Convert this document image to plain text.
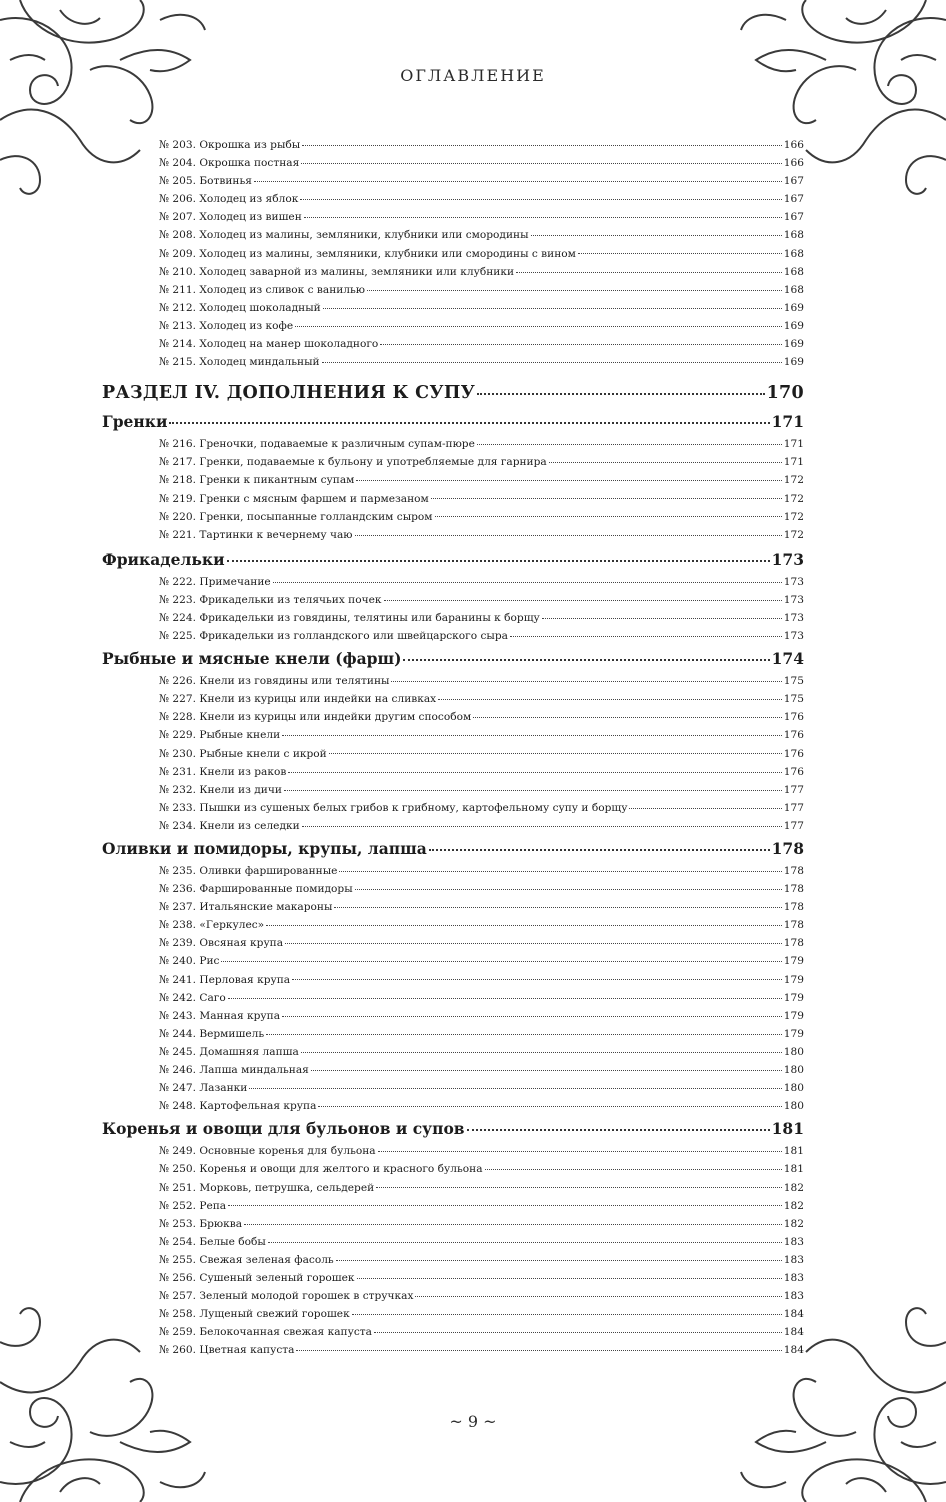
ОГЛАВЛЕНИЕ
№ 203. Окрошка из рыбы	166
№ 204. Окрошка постная	166
№ 205. Ботвинья	167
№ 206. Холодец из яблок	167
№ 207. Холодец из вишен	167
№ 208. Холодец из малины, земляники, клубники или смородины	168
№ 209. Холодец из малины, земляники, клубники или смородины с вином	168
№ 210. Холодец заварной из малины, земляники или клубники	168
№ 211. Холодец из сливок с ванилью	168
№ 212. Холодец шоколадный	169
№ 213. Холодец из кофе	169
№ 214. Холодец на манер шоколадного	169
№ 215. Холодец миндальный	169
РАЗДЕЛ IV. ДОПОЛНЕНИЯ К СУПУ	170
Гренки	171
№ 216. Греночки, подаваемые к различным супам-пюре	171
№ 217. Гренки, подаваемые к бульону и употребляемые для гарнира	171
№ 218. Гренки к пикантным супам	172
№ 219. Гренки с мясным фаршем и пармезаном	172
№ 220. Гренки, посыпанные голландским сыром	172
№ 221. Тартинки к вечернему чаю	172
Фрикадельки	173
№ 222. Примечание	173
№ 223. Фрикадельки из телячьих почек	173
№ 224. Фрикадельки из говядины, телятины или баранины к борщу	173
№ 225. Фрикадельки из голландского или швейцарского сыра	173
Рыбные и мясные кнели (фарш)	174
№ 226. Кнели из говядины или телятины	175
№ 227. Кнели из курицы или индейки на сливках	175
№ 228. Кнели из курицы или индейки другим способом	176
№ 229. Рыбные кнели	176
№ 230. Рыбные кнели с икрой	176
№ 231. Кнели из раков	176
№ 232. Кнели из дичи	177
№ 233. Пышки из сушеных белых грибов к грибному, картофельному супу и борщу	177
№ 234. Кнели из селедки	177
Оливки и помидоры, крупы, лапша	178
№ 235. Оливки фаршированные	178
№ 236. Фаршированные помидоры	178
№ 237. Итальянские макароны	178
№ 238. «Геркулес»	178
№ 239. Овсяная крупа	178
№ 240. Рис	179
№ 241. Перловая крупа	179
№ 242. Саго	179
№ 243. Манная крупа	179
№ 244. Вермишель	179
№ 245. Домашняя лапша	180
№ 246. Лапша миндальная	180
№ 247. Лазанки	180
№ 248. Картофельная крупа	180
Коренья и овощи для бульонов и супов	181
№ 249. Основные коренья для бульона	181
№ 250. Коренья и овощи для желтого и красного бульона	181
№ 251. Морковь, петрушка, сельдерей	182
№ 252. Репа	182
№ 253. Брюква	182
№ 254. Белые бобы	183
№ 255. Свежая зеленая фасоль	183
№ 256. Сушеный зеленый горошек	183
№ 257. Зеленый молодой горошек в стручках	183
№ 258. Лущеный свежий горошек	184
№ 259. Белокочанная свежая капуста	184
№ 260. Цветная капуста	184
~ 9 ~
